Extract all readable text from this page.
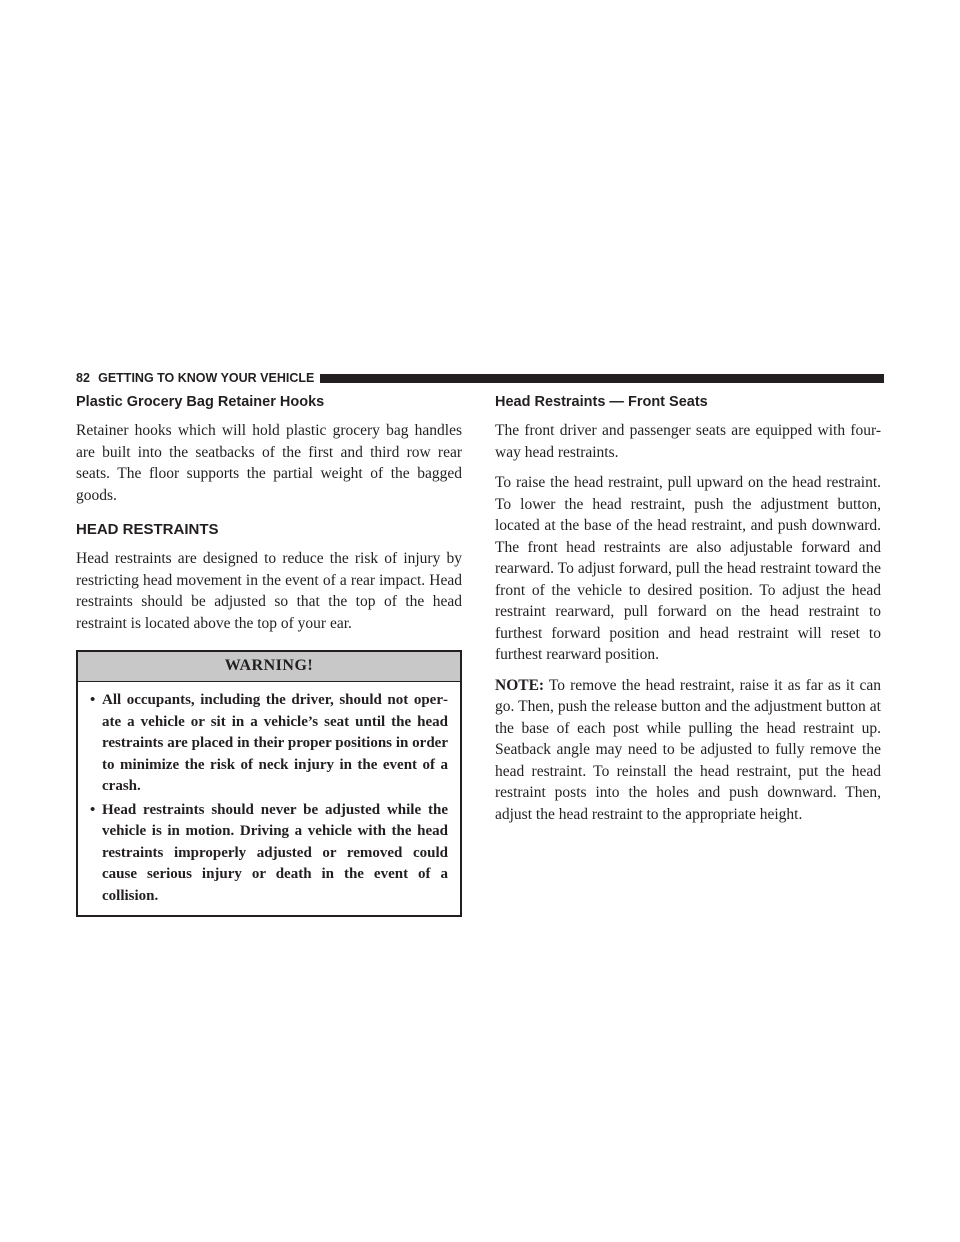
82 GETTING TO KNOW YOUR VEHICLE
Plastic Grocery Bag Retainer Hooks

Retainer hooks which will hold plastic grocery bag handles are built into the seatbacks of the first and third row rear seats. The floor supports the partial weight of the bagged goods.

HEAD RESTRAINTS

Head restraints are designed to reduce the risk of injury by restricting head movement in the event of a rear impact. Head restraints should be adjusted so that the top of the head restraint is located above the top of your ear.

WARNING!
• All occupants, including the driver, should not operate a vehicle or sit in a vehicle’s seat until the head restraints are placed in their proper positions in order to minimize the risk of neck injury in the event of a crash.
• Head restraints should never be adjusted while the vehicle is in motion. Driving a vehicle with the head restraints improperly adjusted or removed could cause serious injury or death in the event of a collision.
Head Restraints — Front Seats

The front driver and passenger seats are equipped with four-way head restraints.

To raise the head restraint, pull upward on the head restraint. To lower the head restraint, push the adjustment button, located at the base of the head restraint, and push downward. The front head restraints are also adjustable forward and rearward. To adjust forward, pull the head restraint toward the front of the vehicle to desired position. To adjust the head restraint rearward, pull forward on the head restraint to furthest forward position and head restraint will reset to furthest rearward position.

NOTE: To remove the head restraint, raise it as far as it can go. Then, push the release button and the adjustment button at the base of each post while pulling the head restraint up. Seatback angle may need to be adjusted to fully remove the head restraint. To reinstall the head restraint, put the head restraint posts into the holes and push downward. Then, adjust the head restraint to the appropriate height.
